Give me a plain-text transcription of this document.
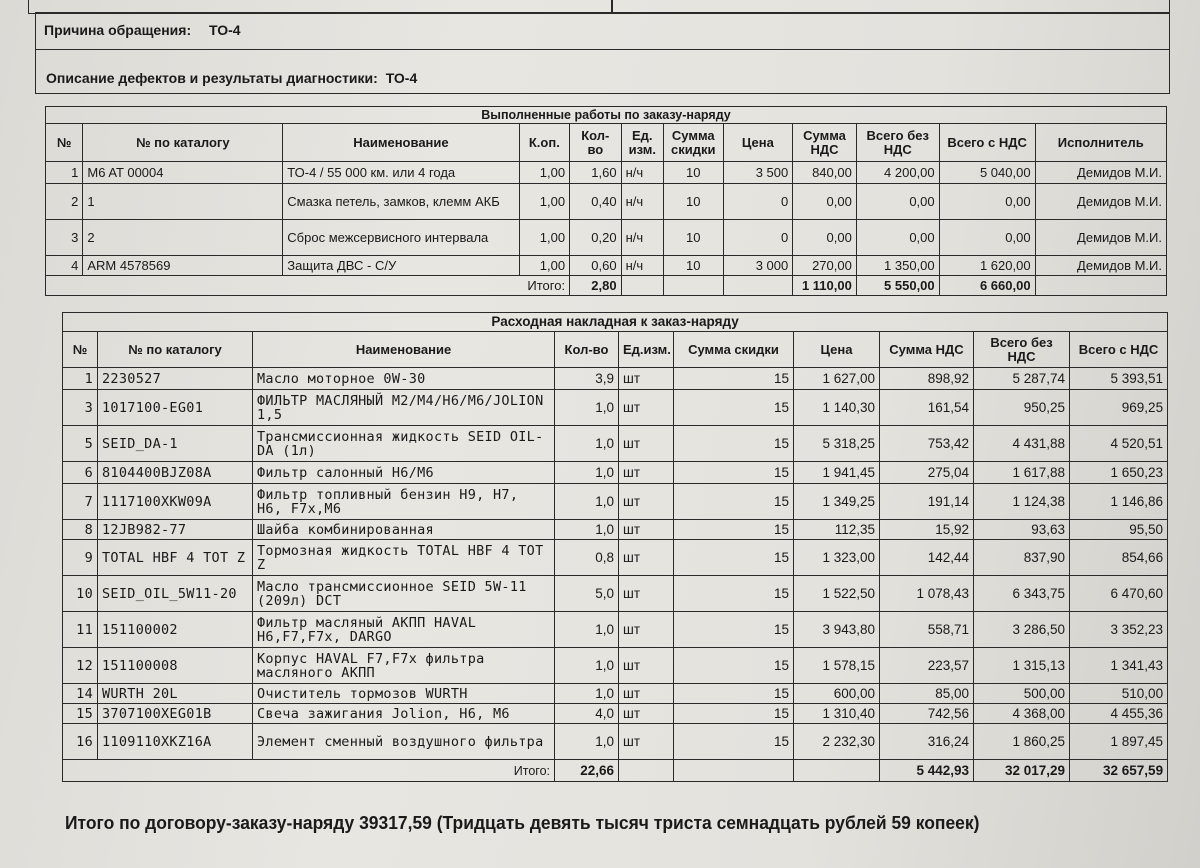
Причина обращения: ТО-4
Описание дефектов и результаты диагностики: ТО-4
Выполненные работы по заказу-наряду											
№	№ по каталогу	Наименование	К.оп.	Кол-во	Ед. изм.	Сумма скидки	Цена	Сумма НДС	Всего без НДС	Всего с НДС	Исполнитель
1	M6 AT 00004	ТО-4 / 55 000 км. или 4 года	1,00	1,60	н/ч	10	3 500	840,00	4 200,00	5 040,00	Демидов М.И.
2	1	Смазка петель, замков, клемм АКБ	1,00	0,40	н/ч	10	0	0,00	0,00	0,00	Демидов М.И.
3	2	Сброс межсервисного интервала	1,00	0,20	н/ч	10	0	0,00	0,00	0,00	Демидов М.И.
4	ARM 4578569	Защита ДВС - С/У	1,00	0,60	н/ч	10	3 000	270,00	1 350,00	1 620,00	Демидов М.И.
Итого:				2,80				1 110,00	5 550,00	6 660,00	
Расходная накладная к заказ-наряду									
№	№ по каталогу	Наименование	Кол-во	Ед.изм.	Сумма скидки	Цена	Сумма НДС	Всего без НДС	Всего с НДС
1	2230527	Масло моторное 0W-30	3,9	шт	15	1 627,00	898,92	5 287,74	5 393,51
3	1017100-EG01	ФИЛЬТР МАСЛЯНЫЙ M2/M4/H6/M6/JOLION 1,5	1,0	шт	15	1 140,30	161,54	950,25	969,25
5	SEID_DA-1	Трансмиссионная жидкость SEID OIL-DA (1л)	1,0	шт	15	5 318,25	753,42	4 431,88	4 520,51
6	8104400BJZ08A	Фильтр салонный H6/M6	1,0	шт	15	1 941,45	275,04	1 617,88	1 650,23
7	1117100XKW09A	Фильтр топливный бензин H9, H7, H6, F7x,M6	1,0	шт	15	1 349,25	191,14	1 124,38	1 146,86
8	12JB982-77	Шайба комбинированная	1,0	шт	15	112,35	15,92	93,63	95,50
9	TOTAL HBF 4 TOT Z	Тормозная жидкость TOTAL HBF 4 TOT Z	0,8	шт	15	1 323,00	142,44	837,90	854,66
10	SEID_OIL_5W11-20	Масло трансмиссионное SEID 5W-11 (209л) DCT	5,0	шт	15	1 522,50	1 078,43	6 343,75	6 470,60
11	151100002	Фильтр масляный АКПП HAVAL H6,F7,F7x, DARGO	1,0	шт	15	3 943,80	558,71	3 286,50	3 352,23
12	151100008	Корпус HAVAL F7,F7x фильтра масляного АКПП	1,0	шт	15	1 578,15	223,57	1 315,13	1 341,43
14	WURTH 20L	Очиститель тормозов WURTH	1,0	шт	15	600,00	85,00	500,00	510,00
15	3707100XEG01B	Свеча зажигания Jolion, H6, M6	4,0	шт	15	1 310,40	742,56	4 368,00	4 455,36
16	1109110XKZ16A	Элемент сменный воздушного фильтра	1,0	шт	15	2 232,30	316,24	1 860,25	1 897,45
Итого:			22,66				5 442,93	32 017,29	32 657,59
Итого по договору-заказу-наряду 39317,59 (Тридцать девять тысяч триста семнадцать рублей 59 копеек)
